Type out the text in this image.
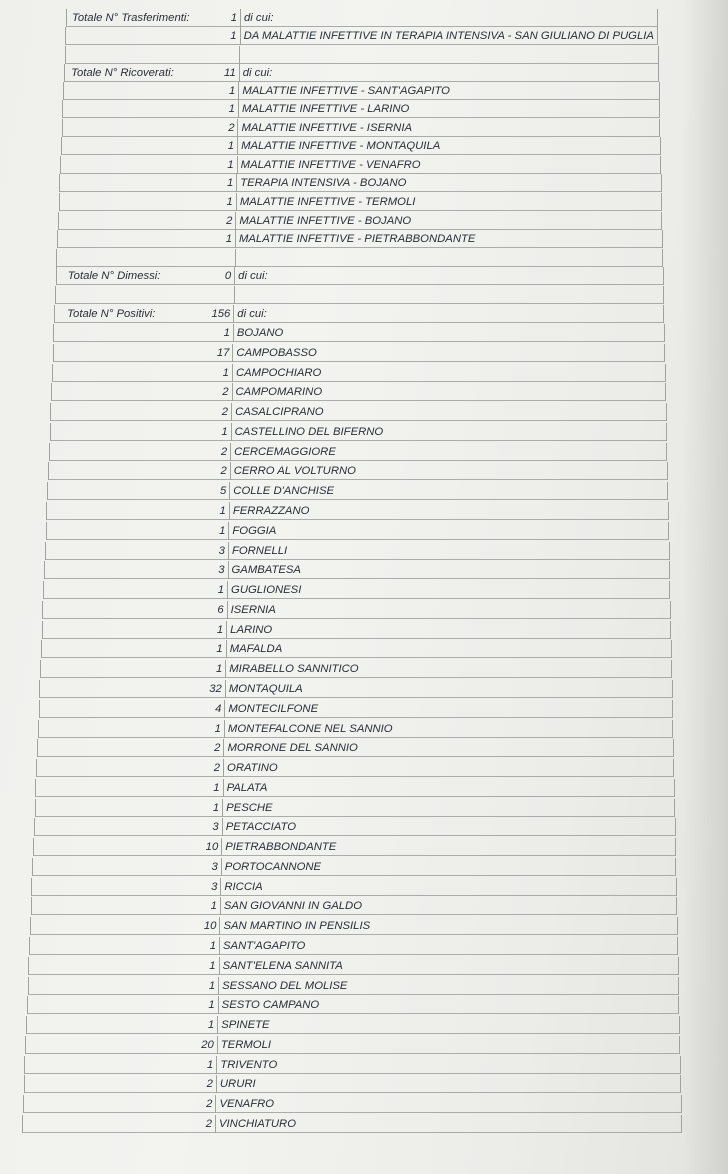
Totale N° Trasferimenti:	1 di cui:
1 DA MALATTIE INFETTIVE IN TERAPIA INTENSIVA - SAN GIULIANO DI PUGLIA
Totale N° Ricoverati:	11 di cui:
1 MALATTIE INFETTIVE - SANT'AGAPITO
1 MALATTIE INFETTIVE - LARINO
2 MALATTIE INFETTIVE - ISERNIA
1 MALATTIE INFETTIVE - MONTAQUILA
1 MALATTIE INFETTIVE - VENAFRO
1 TERAPIA INTENSIVA - BOJANO
1 MALATTIE INFETTIVE - TERMOLI
2 MALATTIE INFETTIVE - BOJANO
1 MALATTIE INFETTIVE - PIETRABBONDANTE
Totale N° Dimessi:	0 di cui:
Totale N° Positivi:	156 di cui:
1 BOJANO
17 CAMPOBASSO
1 CAMPOCHIARO
2 CAMPOMARINO
2 CASALCIPRANO
1 CASTELLINO DEL BIFERNO
2 CERCEMAGGIORE
2 CERRO AL VOLTURNO
5 COLLE D'ANCHISE
1 FERRAZZANO
1 FOGGIA
3 FORNELLI
3 GAMBATESA
1 GUGLIONESI
6 ISERNIA
1 LARINO
1 MAFALDA
1 MIRABELLO SANNITICO
32 MONTAQUILA
4 MONTECILFONE
1 MONTEFALCONE NEL SANNIO
2 MORRONE DEL SANNIO
2 ORATINO
1 PALATA
1 PESCHE
3 PETACCIATO
10 PIETRABBONDANTE
3 PORTOCANNONE
3 RICCIA
1 SAN GIOVANNI IN GALDO
10 SAN MARTINO IN PENSILIS
1 SANT'AGAPITO
1 SANT'ELENA SANNITA
1 SESSANO DEL MOLISE
1 SESTO CAMPANO
1 SPINETE
20 TERMOLI
1 TRIVENTO
2 URURI
2 VENAFRO
2 VINCHIATURO
